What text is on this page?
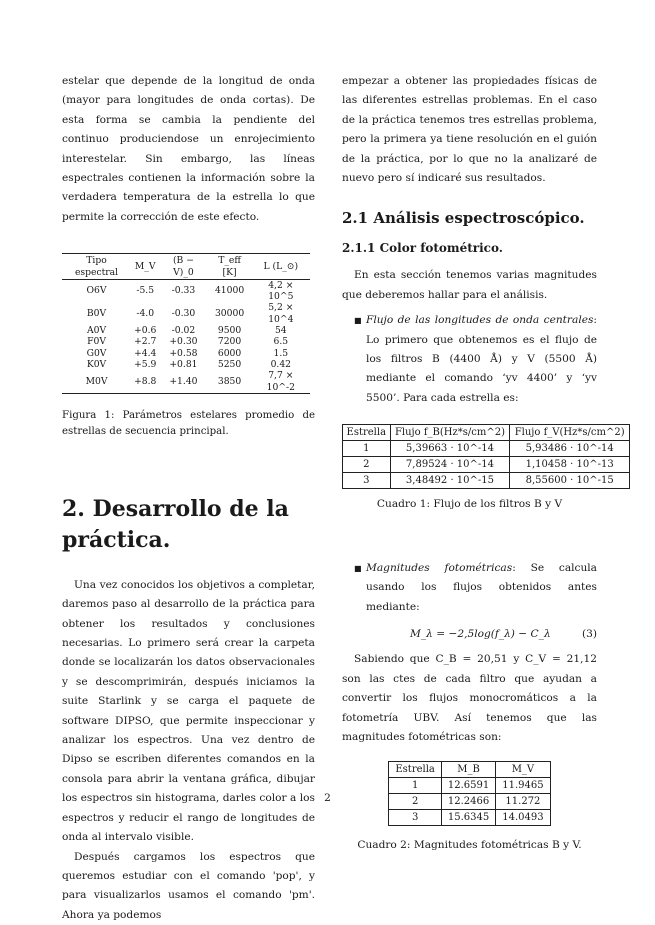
estelar que depende de la longitud de onda (mayor para longitudes de onda cortas). De esta forma se cambia la pendiente del continuo produciendose un enrojecimiento interestelar. Sin embargo, las líneas espectrales contienen la información sobre la verdadera temperatura de la estrella lo que permite la corrección de este efecto.

Tipo espectral	M_V	(B − V)_0	T_eff [K]	L (L_⊙)
O6V	-5.5	-0.33	41000	4,2 × 10^5
B0V	-4.0	-0.30	30000	5,2 × 10^4
A0V	+0.6	-0.02	9500	54
F0V	+2.7	+0.30	7200	6.5
G0V	+4.4	+0.58	6000	1.5
K0V	+5.9	+0.81	5250	0.42
M0V	+8.8	+1.40	3850	7,7 × 10^-2

Figura 1: Parámetros estelares promedio de estrellas de secuencia principal.

2. Desarrollo de la práctica.

Una vez conocidos los objetivos a completar, daremos paso al desarrollo de la práctica para obtener los resultados y conclusiones necesarias. Lo primero será crear la carpeta donde se localizarán los datos observacionales y se descomprimirán, después iniciamos la suite Starlink y se carga el paquete de software DIPSO, que permite inspeccionar y analizar los espectros. Una vez dentro de Dipso se escriben diferentes comandos en la consola para abrir la ventana gráfica, dibujar los espectros sin histograma, darles color a los espectros y reducir el rango de longitudes de onda al intervalo visible.

Después cargamos los espectros que queremos estudiar con el comando 'pop', y para visualizarlos usamos el comando 'pm'. Ahora ya podemos

empezar a obtener las propiedades físicas de las diferentes estrellas problemas. En el caso de la práctica tenemos tres estrellas problema, pero la primera ya tiene resolución en el guión de la práctica, por lo que no la analizaré de nuevo pero sí indicaré sus resultados.

2.1 Análisis espectroscópico.
2.1.1 Color fotométrico.

En esta sección tenemos varias magnitudes que deberemos hallar para el análisis.

■ Flujo de las longitudes de onda centrales: Lo primero que obtenemos es el flujo de los filtros B (4400 Å) y V (5500 Å) mediante el comando ‘yv 4400’ y ‘yv 5500’. Para cada estrella es:
Estrella	Flujo f_B(Hz*s/cm^2)	Flujo f_V(Hz*s/cm^2)
1	5,39663 · 10^-14	5,93486 · 10^-14
2	7,89524 · 10^-14	1,10458 · 10^-13
3	3,48492 · 10^-15	8,55600 · 10^-15
Cuadro 1: Flujo de los filtros B y V
■ Magnitudes fotométricas: Se calcula usando los flujos obtenidos antes mediante:
M_λ = −2,5log(f_λ) − C_λ	(3)

Sabiendo que C_B = 20,51 y C_V = 21,12 son las ctes de cada filtro que ayudan a convertir los flujos monocromáticos a la fotometría UBV. Así tenemos que las magnitudes fotométricas son:

Estrella	M_B	M_V
1	12.6591	11.9465
2	12.2466	11.272
3	15.6345	14.0493
Cuadro 2: Magnitudes fotométricas B y V.
2
